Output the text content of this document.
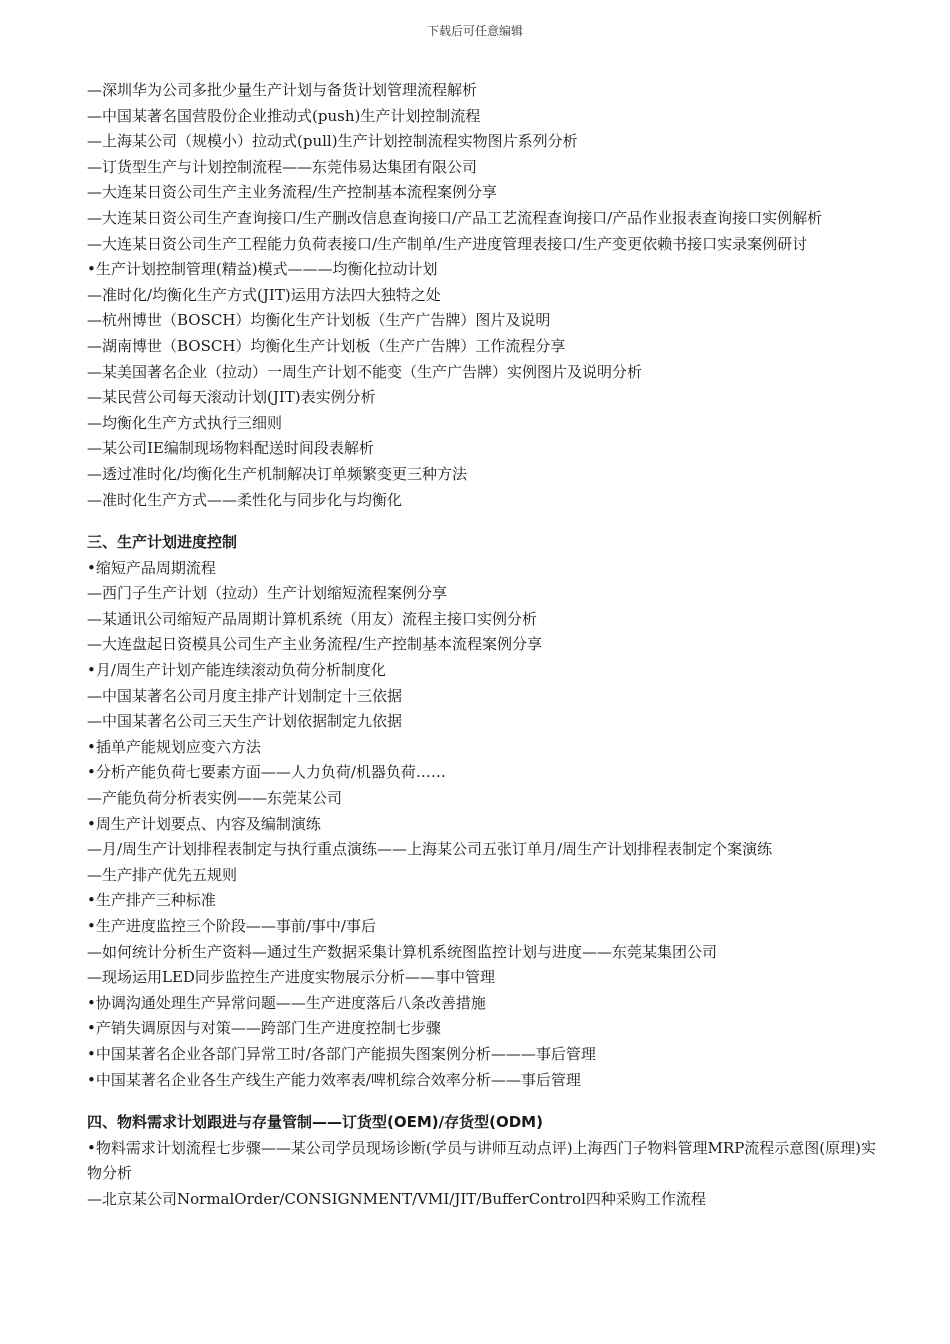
下载后可任意编辑

—深圳华为公司多批少量生产计划与备货计划管理流程解析

—中国某著名国营股份企业推动式(push)生产计划控制流程

—上海某公司（规模小）拉动式(pull)生产计划控制流程实物图片系列分析

—订货型生产与计划控制流程——东莞伟易达集团有限公司

—大连某日资公司生产主业务流程/生产控制基本流程案例分享

—大连某日资公司生产查询接口/生产删改信息查询接口/产品工艺流程查询接口/产品作业报表查询接口实例解析

—大连某日资公司生产工程能力负荷表接口/生产制单/生产进度管理表接口/生产变更依赖书接口实录案例研讨

•生产计划控制管理(精益)模式———均衡化拉动计划

—准时化/均衡化生产方式(JIT)运用方法四大独特之处

—杭州博世（BOSCH）均衡化生产计划板（生产广告牌）图片及说明

—湖南博世（BOSCH）均衡化生产计划板（生产广告牌）工作流程分享

—某美国著名企业（拉动）一周生产计划不能变（生产广告牌）实例图片及说明分析

—某民营公司每天滚动计划(JIT)表实例分析

—均衡化生产方式执行三细则

—某公司IE编制现场物料配送时间段表解析

—透过准时化/均衡化生产机制解决订单频繁变更三种方法

—准时化生产方式——柔性化与同步化与均衡化

三、生产计划进度控制

•缩短产品周期流程

—西门子生产计划（拉动）生产计划缩短流程案例分享

—某通讯公司缩短产品周期计算机系统（用友）流程主接口实例分析

—大连盘起日资模具公司生产主业务流程/生产控制基本流程案例分享

•月/周生产计划产能连续滚动负荷分析制度化

—中国某著名公司月度主排产计划制定十三依据

—中国某著名公司三天生产计划依据制定九依据

•插单产能规划应变六方法

•分析产能负荷七要素方面——人力负荷/机器负荷……

—产能负荷分析表实例——东莞某公司

•周生产计划要点、内容及编制演练

—月/周生产计划排程表制定与执行重点演练——上海某公司五张订单月/周生产计划排程表制定个案演练

—生产排产优先五规则

•生产排产三种标准

•生产进度监控三个阶段——事前/事中/事后

—如何统计分析生产资料—通过生产数据采集计算机系统图监控计划与进度——东莞某集团公司

—现场运用LED同步监控生产进度实物展示分析——事中管理

•协调沟通处理生产异常问题——生产进度落后八条改善措施

•产销失调原因与对策——跨部门生产进度控制七步骤

•中国某著名企业各部门异常工时/各部门产能损失图案例分析———事后管理

•中国某著名企业各生产线生产能力效率表/啤机综合效率分析——事后管理

四、物料需求计划跟进与存量管制——订货型(OEM)/存货型(ODM)

•物料需求计划流程七步骤——某公司学员现场诊断(学员与讲师互动点评)上海西门子物料管理MRP流程示意图(原理)实物分析

—北京某公司NormalOrder/CONSIGNMENT/VMI/JIT/BufferControl四种采购工作流程
